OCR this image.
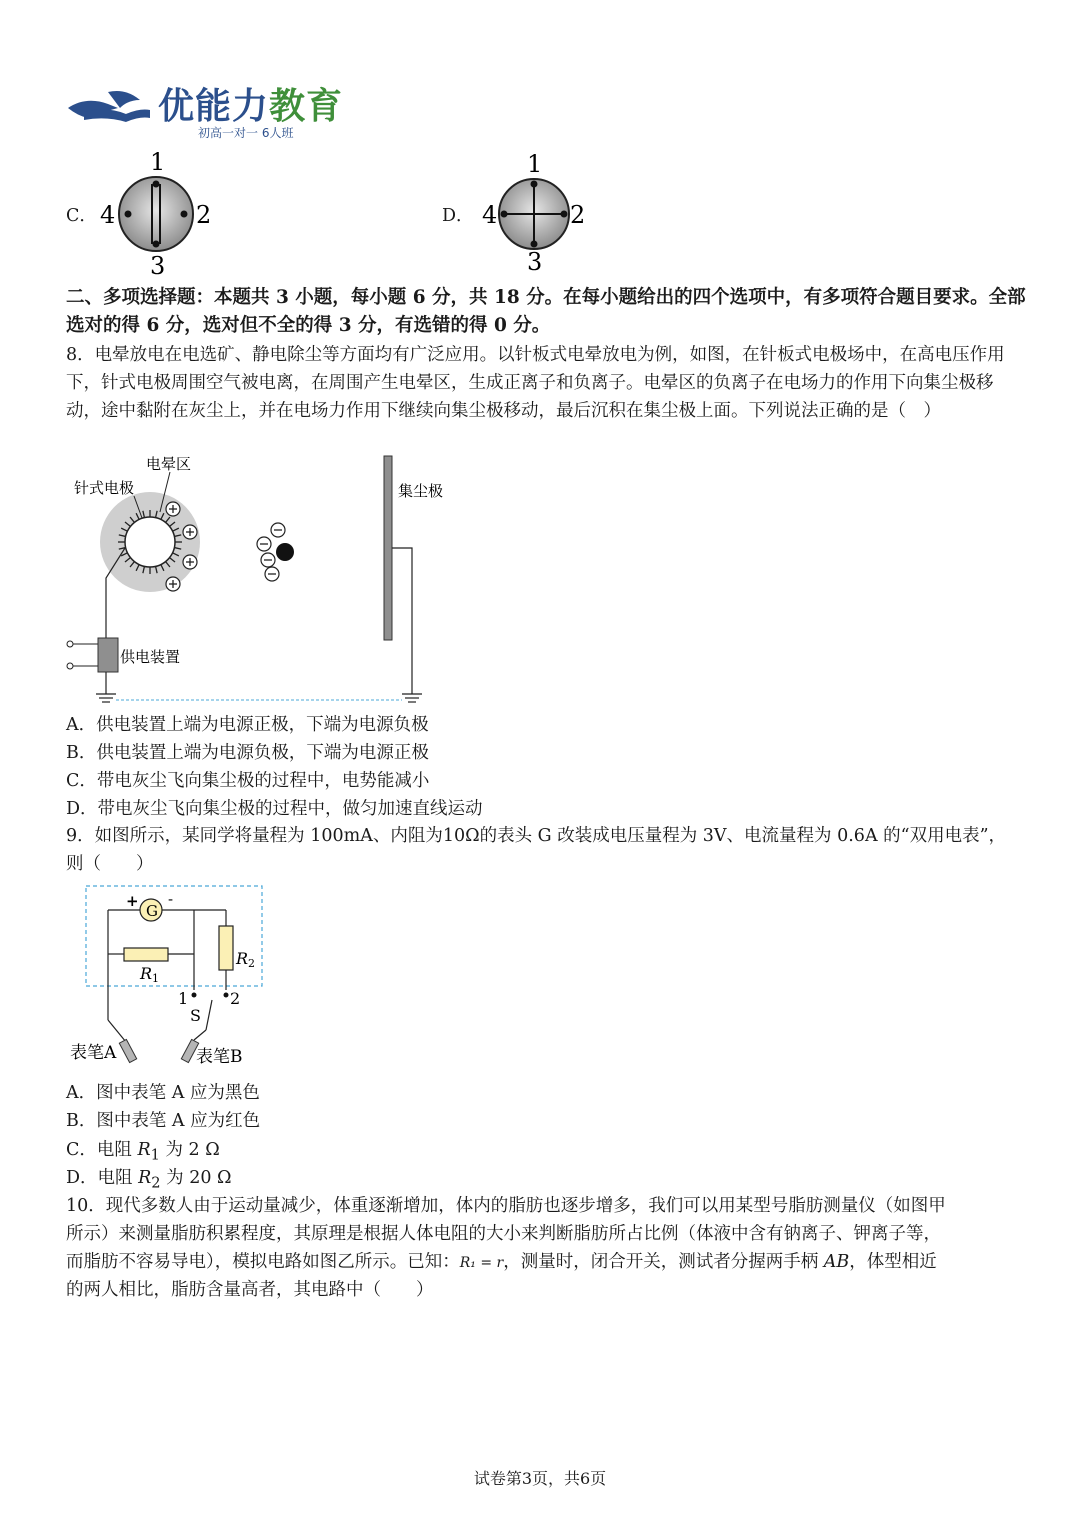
优能力教育
初高一对一 6人班
C．
1
2
3
4	D．
1
2
3
4
二、多项选择题：本题共 3 小题，每小题 6 分，共 18 分。在每小题给出的四个选项中，有多项符合题目要求。全部选对的得 6 分，选对但不全的得 3 分，有选错的得 0 分。
8．电晕放电在电选矿、静电除尘等方面均有广泛应用。以针板式电晕放电为例，如图，在针板式电极场中，在高电压作用下，针式电极周围空气被电离，在周围产生电晕区，生成正离子和负离子。电晕区的负离子在电场力的作用下向集尘极移动，途中黏附在灰尘上，并在电场力作用下继续向集尘极移动，最后沉积在集尘极上面。下列说法正确的是（　）
电晕区
针式电极	集尘极
供电装置
A．供电装置上端为电源正极，下端为电源负极
B．供电装置上端为电源负极，下端为电源正极
C．带电灰尘飞向集尘极的过程中，电势能减小
D．带电灰尘飞向集尘极的过程中，做匀加速直线运动
9．如图所示，某同学将量程为 100mA、内阻为10Ω的表头 G 改装成电压量程为 3V、电流量程为 0.6A 的“双用电表”，则（　　）
G
+ -
R1
R2
1	2
S
表笔A	表笔B
A．图中表笔 A 应为黑色
B．图中表笔 A 应为红色
C．电阻 $R_1$ 为 2 Ω
D．电阻 $R_2$ 为 20 Ω
10．现代多数人由于运动量减少，体重逐渐增加，体内的脂肪也逐步增多，我们可以用某型号脂肪测量仪（如图甲
所示）来测量脂肪积累程度，其原理是根据人体电阻的大小来判断脂肪所占比例（体液中含有钠离子、钾离子等，
而脂肪不容易导电），模拟电路如图乙所示。已知：R₁ = r，测量时，闭合开关，测试者分握两手柄 AB，体型相近
的两人相比，脂肪含量高者，其电路中（　　）
试卷第3页，共6页
